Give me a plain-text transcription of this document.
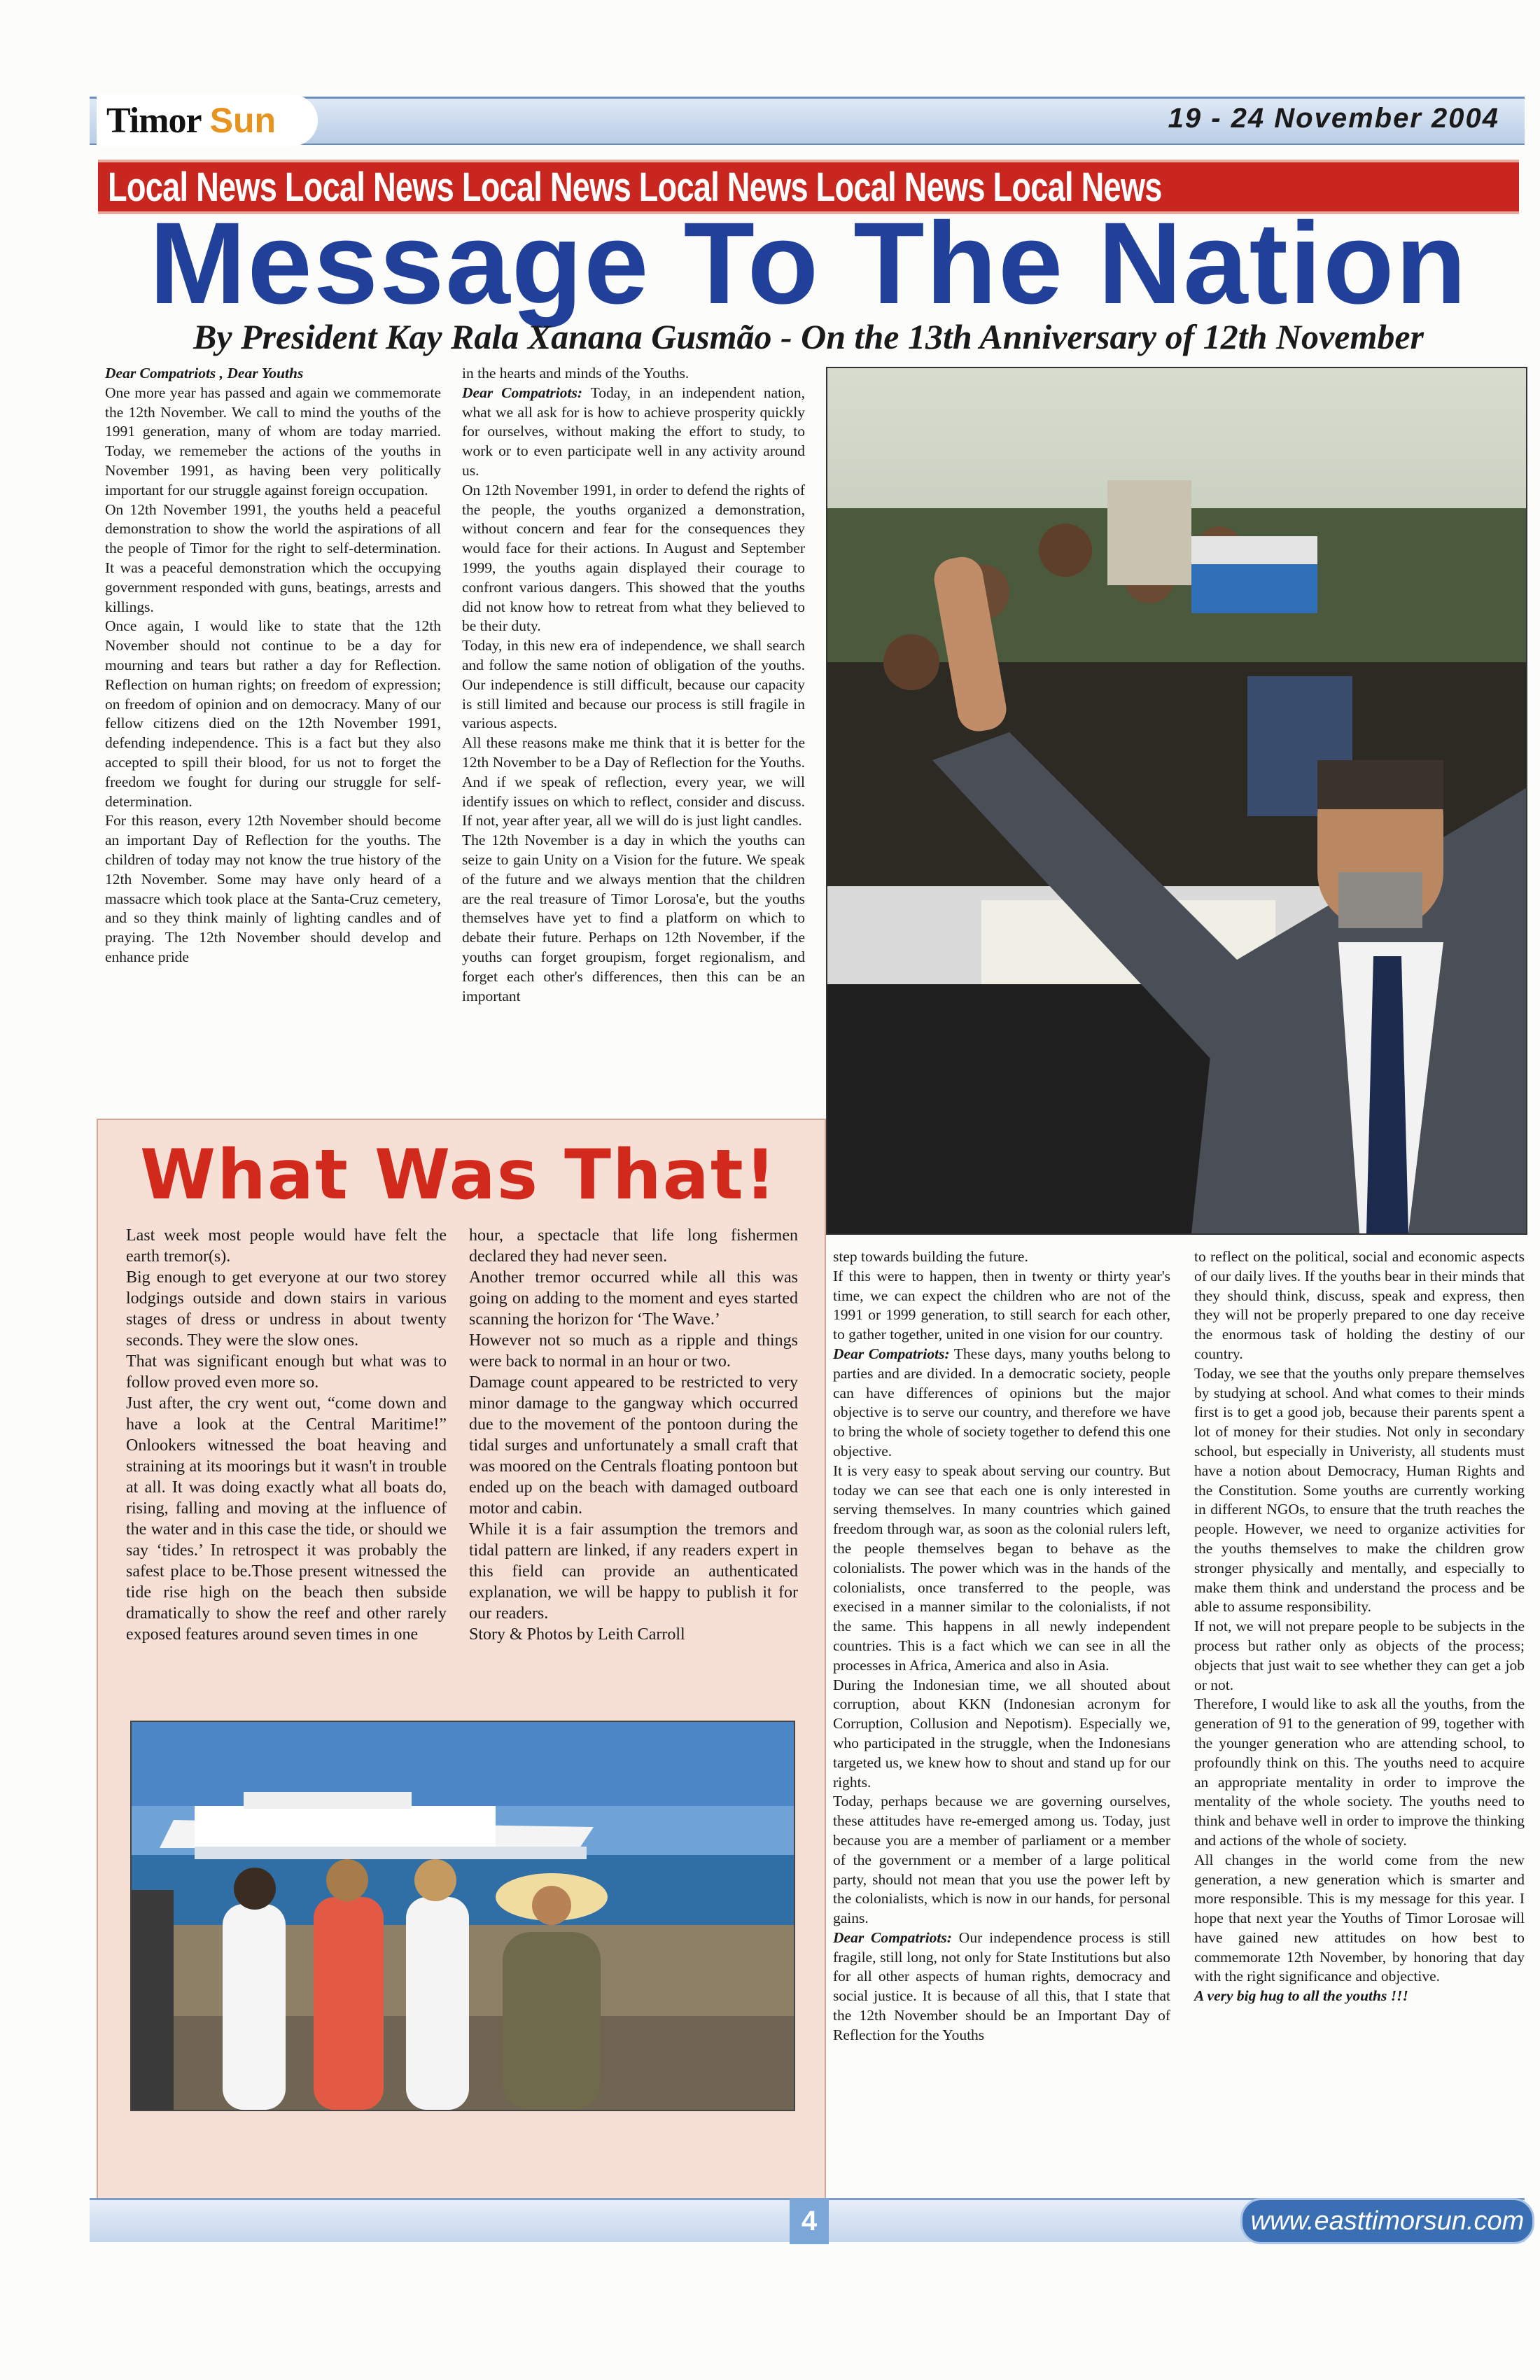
Timor Sun	19 - 24 November 2004
Local News Local News Local News Local News Local News Local News
Message To The Nation
By President Kay Rala Xanana Gusmão - On the 13th Anniversary of 12th November

Dear Compatriots , Dear Youths

One more year has passed and again we commemorate the 12th November. We call to mind the youths of the 1991 generation, many of whom are today married. Today, we rememeber the actions of the youths in November 1991, as having been very politically important for our struggle against foreign occupation.

On 12th November 1991, the youths held a peaceful demonstration to show the world the aspirations of all the people of Timor for the right to self-determination. It was a peaceful demonstration which the occupying government responded with guns, beatings, arrests and killings.

Once again, I would like to state that the 12th November should not continue to be a day for mourning and tears but rather a day for Reflection. Reflection on human rights; on freedom of expression; on freedom of opinion and on democracy. Many of our fellow citizens died on the 12th November 1991, defending independence. This is a fact but they also accepted to spill their blood, for us not to forget the freedom we fought for during our struggle for self-determination.

For this reason, every 12th November should become an important Day of Reflection for the youths. The children of today may not know the true history of the 12th November. Some may have only heard of a massacre which took place at the Santa-Cruz cemetery, and so they think mainly of lighting candles and of praying. The 12th November should develop and enhance pride

in the hearts and minds of the Youths.

Dear Compatriots: Today, in an independent nation, what we all ask for is how to achieve prosperity quickly for ourselves, without making the effort to study, to work or to even participate well in any activity around us.

On 12th November 1991, in order to defend the rights of the people, the youths organized a demonstration, without concern and fear for the consequences they would face for their actions. In August and September 1999, the youths again displayed their courage to confront various dangers. This showed that the youths did not know how to retreat from what they believed to be their duty.

Today, in this new era of independence, we shall search and follow the same notion of obligation of the youths. Our independence is still difficult, because our capacity is still limited and because our process is still fragile in various aspects.

All these reasons make me think that it is better for the 12th November to be a Day of Reflection for the Youths. And if we speak of reflection, every year, we will identify issues on which to reflect, consider and discuss. If not, year after year, all we will do is just light candles.

The 12th November is a day in which the youths can seize to gain Unity on a Vision for the future. We speak of the future and we always mention that the children are the real treasure of Timor Lorosa'e, but the youths themselves have yet to find a platform on which to debate their future. Perhaps on 12th November, if the youths can forget groupism, forget regionalism, and forget each other's differences, then this can be an important

What Was That!

Last week most people would have felt the earth tremor(s).

Big enough to get everyone at our two storey lodgings outside and down stairs in various stages of dress or undress in about twenty seconds. They were the slow ones.

That was significant enough but what was to follow proved even more so.

Just after, the cry went out, “come down and have a look at the Central Maritime!” Onlookers witnessed the boat heaving and straining at its moorings but it wasn't in trouble at all. It was doing exactly what all boats do, rising, falling and moving at the influence of the water and in this case the tide, or should we say ‘tides.’ In retrospect it was probably the safest place to be.Those present witnessed the tide rise high on the beach then subside dramatically to show the reef and other rarely exposed features around seven times in one

hour, a spectacle that life long fishermen declared they had never seen.

Another tremor occurred while all this was going on adding to the moment and eyes started scanning the horizon for ‘The Wave.’

However not so much as a ripple and things were back to normal in an hour or two.

Damage count appeared to be restricted to very minor damage to the gangway which occurred due to the movement of the pontoon during the tidal surges and unfortunately a small craft that was moored on the Centrals floating pontoon but ended up on the beach with damaged outboard motor and cabin.

While it is a fair assumption the tremors and tidal pattern are linked, if any readers expert in this field can provide an authenticated explanation, we will be happy to publish it for our readers.

Story & Photos by Leith Carroll

step towards building the future.

If this were to happen, then in twenty or thirty year's time, we can expect the children who are not of the 1991 or 1999 generation, to still search for each other, to gather together, united in one vision for our country.

Dear Compatriots: These days, many youths belong to parties and are divided. In a democratic society, people can have differences of opinions but the major objective is to serve our country, and therefore we have to bring the whole of society together to defend this one objective.

It is very easy to speak about serving our country. But today we can see that each one is only interested in serving themselves. In many countries which gained freedom through war, as soon as the colonial rulers left, the people themselves began to behave as the colonialists. The power which was in the hands of the colonialists, once transferred to the people, was execised in a manner similar to the colonialists, if not the same. This happens in all newly independent countries. This is a fact which we can see in all the processes in Africa, America and also in Asia.

During the Indonesian time, we all shouted about corruption, about KKN (Indonesian acronym for Corruption, Collusion and Nepotism). Especially we, who participated in the struggle, when the Indonesians targeted us, we knew how to shout and stand up for our rights.

Today, perhaps because we are governing ourselves, these attitudes have re-emerged among us. Today, just because you are a member of parliament or a member of the government or a member of a large political party, should not mean that you use the power left by the colonialists, which is now in our hands, for personal gains.

Dear Compatriots: Our independence process is still fragile, still long, not only for State Institutions but also for all other aspects of human rights, democracy and social justice. It is because of all this, that I state that the 12th November should be an Important Day of Reflection for the Youths

to reflect on the political, social and economic aspects of our daily lives. If the youths bear in their minds that they should think, discuss, speak and express, then they will not be properly prepared to one day receive the enormous task of holding the destiny of our country.

Today, we see that the youths only prepare themselves by studying at school. And what comes to their minds first is to get a good job, because their parents spent a lot of money for their studies. Not only in secondary school, but especially in Univeristy, all students must have a notion about Democracy, Human Rights and the Constitution. Some youths are currently working in different NGOs, to ensure that the truth reaches the people. However, we need to organize activities for the youths themselves to make the children grow stronger physically and mentally, and especially to make them think and understand the process and be able to assume responsibility.

If not, we will not prepare people to be subjects in the process but rather only as objects of the process; objects that just wait to see whether they can get a job or not.

Therefore, I would like to ask all the youths, from the generation of 91 to the generation of 99, together with the younger generation who are attending school, to profoundly think on this. The youths need to acquire an appropriate mentality in order to improve the mentality of the whole society. The youths need to think and behave well in order to improve the thinking and actions of the whole of society.

All changes in the world come from the new generation, a new generation which is smarter and more responsible. This is my message for this year. I hope that next year the Youths of Timor Lorosae will have gained new attitudes on how best to commemorate 12th November, by honoring that day with the right significance and objective.

A very big hug to all the youths !!!

4	www.easttimorsun.com
